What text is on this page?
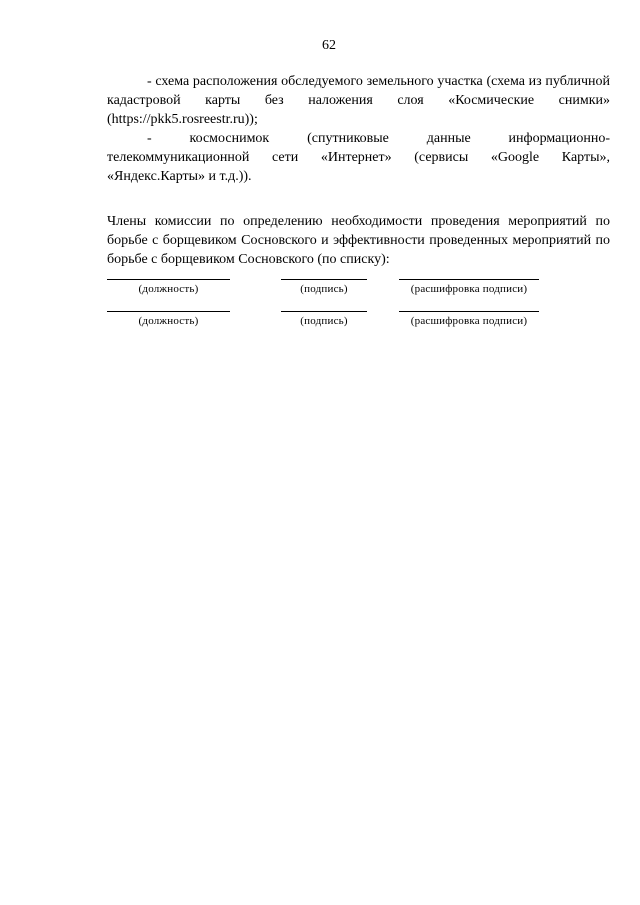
62

- схема расположения обследуемого земельного участка (схема из публичной кадастровой карты без наложения слоя «Космические снимки» (https://pkk5.rosreestr.ru));

- космоснимок (спутниковые данные информационно-телекоммуникационной сети «Интернет» (сервисы «Google Карты», «Яндекс.Карты» и т.д.)).

Члены комиссии по определению необходимости проведения мероприятий по борьбе с борщевиком Сосновского и эффективности проведенных мероприятий по борьбе с борщевиком Сосновского (по списку):

(должность)	(подпись)	(расшифровка подписи)
(должность)	(подпись)	(расшифровка подписи)
